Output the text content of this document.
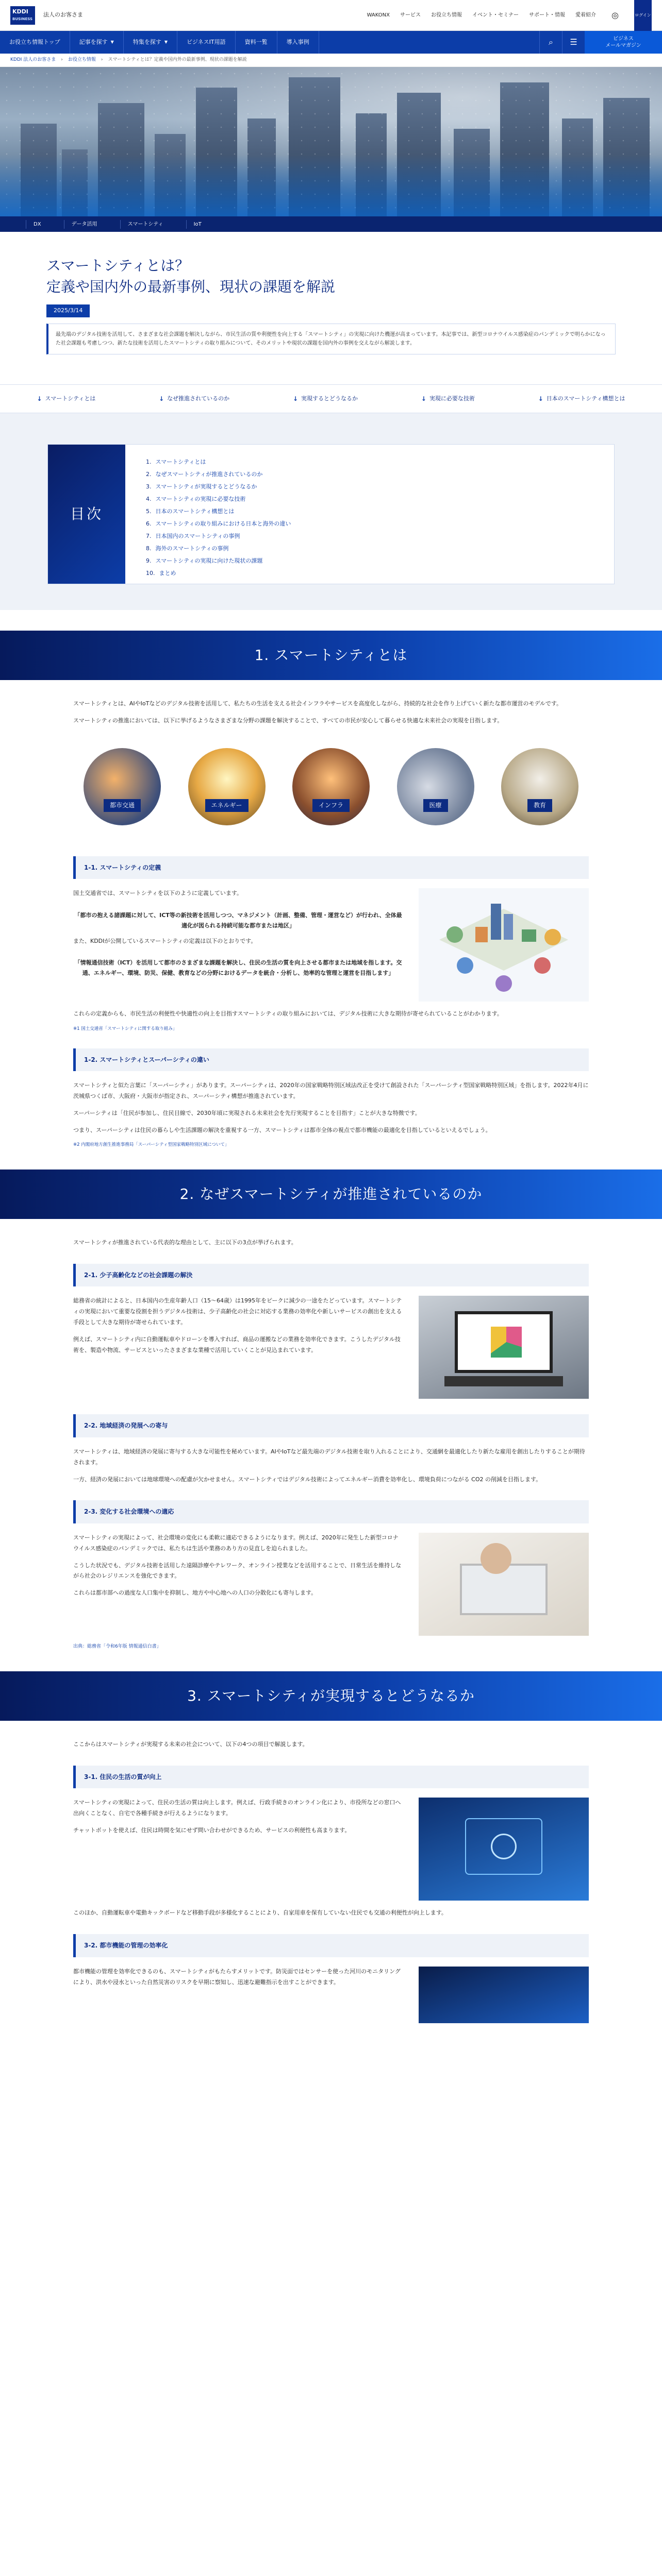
KDDI
BUSINESS
法人のお客さま	WAKONX サービス お役立ち情報 イベント・セミナー サポート・情報 愛着紹介	◎	ログイン
お役立ち情報トップ	記事を探す ▼	特集を探す ▼	ビジネスIT用語	資料一覧	導入事例	⌕	☰	ビジネス
メールマガジン
KDDI 法人のお客さま › お役立ち情報 › スマートシティとは？定義や国内外の最新事例、現状の課題を解説
DX	データ活用	スマートシティ	IoT
スマートシティとは？
定義や国内外の最新事例、現状の課題を解説
2025/3/14
最先端のデジタル技術を活用して、さまざまな社会課題を解決しながら、市民生活の質や利便性を向上する「スマートシティ」の実現に向けた機運が高まっています。本記事では、新型コロナウイルス感染症のパンデミックで明らかになった社会課題も考慮しつつ、新たな技術を活用したスマートシティの取り組みについて、そのメリットや現状の課題を国内外の事例を交えながら解説します。
↓ スマートシティとは	↓ なぜ推進されているのか	↓ 実現するとどうなるか	↓ 実現に必要な技術	↓ 日本のスマートシティ構想とは
目次
1. スマートシティとは
2. なぜスマートシティが推進されているのか
3. スマートシティが実現するとどうなるか
4. スマートシティの実現に必要な技術
5. 日本のスマートシティ構想とは
6. スマートシティの取り組みにおける日本と海外の違い
7. 日本国内のスマートシティの事例
8. 海外のスマートシティの事例
9. スマートシティの実現に向けた現状の課題
10. まとめ
1. スマートシティとは

スマートシティとは、AIやIoTなどのデジタル技術を活用して、私たちの生活を支える社会インフラやサービスを高度化しながら、持続的な社会を作り上げていく新たな都市運営のモデルです。

スマートシティの推進においては、以下に挙げるようなさまざまな分野の課題を解決することで、すべての市民が安心して暮らせる快適な未来社会の実現を目指します。

都市交通	エネルギー	インフラ	医療	教育
1-1. スマートシティの定義

国土交通省では、スマートシティを以下のように定義しています。

「都市の抱える諸課題に対して、ICT等の新技術を活用しつつ、マネジメント（計画、整備、管理・運営など）が行われ、全体最適化が図られる持続可能な都市または地区」

また、KDDIが公開しているスマートシティの定義は以下のとおりです。

「情報通信技術（ICT）を活用して都市のさまざまな課題を解決し、住民の生活の質を向上させる都市または地域を指します。交通、エネルギー、環境、防災、保健、教育などの分野におけるデータを統合・分析し、効率的な管理と運営を目指します」

これらの定義からも、市民生活の利便性や快適性の向上を目指すスマートシティの取り組みにおいては、デジタル技術に大きな期待が寄せられていることがわかります。

※1 国土交通省「スマートシティに関する取り組み」

1-2. スマートシティとスーパーシティの違い

スマートシティと似た言葉に「スーパーシティ」があります。スーパーシティは、2020年の国家戦略特別区域法改正を受けて創設された「スーパーシティ型国家戦略特別区域」を指します。2022年4月に茨城県つくば市、大阪府・大阪市が指定され、スーパーシティ構想が推進されています。

スーパーシティは「住民が参加し、住民目線で、2030年頃に実現される未来社会を先行実現することを目指す」ことが大きな特徴です。

つまり、スーパーシティは住民の暮らしや生活課題の解決を重視する一方、スマートシティは都市全体の視点で都市機能の最適化を目指しているといえるでしょう。

※2 内閣府地方創生推進事務局「スーパーシティ型国家戦略特別区域について」

2. なぜスマートシティが推進されているのか

スマートシティが推進されている代表的な理由として、主に以下の3点が挙げられます。

2-1. 少子高齢化などの社会課題の解決

総務省の統計によると、日本国内の生産年齢人口（15〜64歳）は1995年をピークに減少の一途をたどっています。スマートシティの実現において重要な役割を担うデジタル技術は、少子高齢化の社会に対応する業務の効率化や新しいサービスの創出を支える手段として大きな期待が寄せられています。

例えば、スマートシティ内に自動運転車やドローンを導入すれば、商品の運搬などの業務を効率化できます。こうしたデジタル技術を、製造や物流、サービスといったさまざまな業種で活用していくことが見込まれています。

2-2. 地域経済の発展への寄与

スマートシティは、地域経済の発展に寄与する大きな可能性を秘めています。AIやIoTなど最先端のデジタル技術を取り入れることにより、交通網を最適化したり新たな雇用を創出したりすることが期待されます。

一方、経済の発展においては地球環境への配慮が欠かせません。スマートシティではデジタル技術によってエネルギー消費を効率化し、環境負荷につながる CO2 の削減を目指します。

2-3. 変化する社会環境への適応

スマートシティの実現によって、社会環境の変化にも柔軟に適応できるようになります。例えば、2020年に発生した新型コロナウイルス感染症のパンデミックでは、私たちは生活や業務のあり方の見直しを迫られました。

こうした状況でも、デジタル技術を活用した遠隔診療やテレワーク、オンライン授業などを活用することで、日常生活を維持しながら社会のレジリエンスを強化できます。

これらは都市部への過度な人口集中を抑制し、地方や中心地への人口の分散化にも寄与します。

出典：総務省「令和6年版 情報通信白書」

3. スマートシティが実現するとどうなるか

ここからはスマートシティが実現する未来の社会について、以下の4つの項目で解説します。

3-1. 住民の生活の質が向上

スマートシティの実現によって、住民の生活の質は向上します。例えば、行政手続きのオンライン化により、市役所などの窓口へ出向くことなく、自宅で各種手続きが行えるようになります。

チャットボットを使えば、住民は時間を気にせず問い合わせができるため、サービスの利便性も高まります。

このほか、自動運転車や電動キックボードなど移動手段が多様化することにより、自家用車を保有していない住民でも交通の利便性が向上します。

3-2. 都市機能の管理の効率化

都市機能の管理を効率化できるのも、スマートシティがもたらすメリットです。防災面ではセンサーを使った河川のモニタリングにより、洪水や浸水といった自然災害のリスクを早期に察知し、迅速な避難指示を出すことができます。
